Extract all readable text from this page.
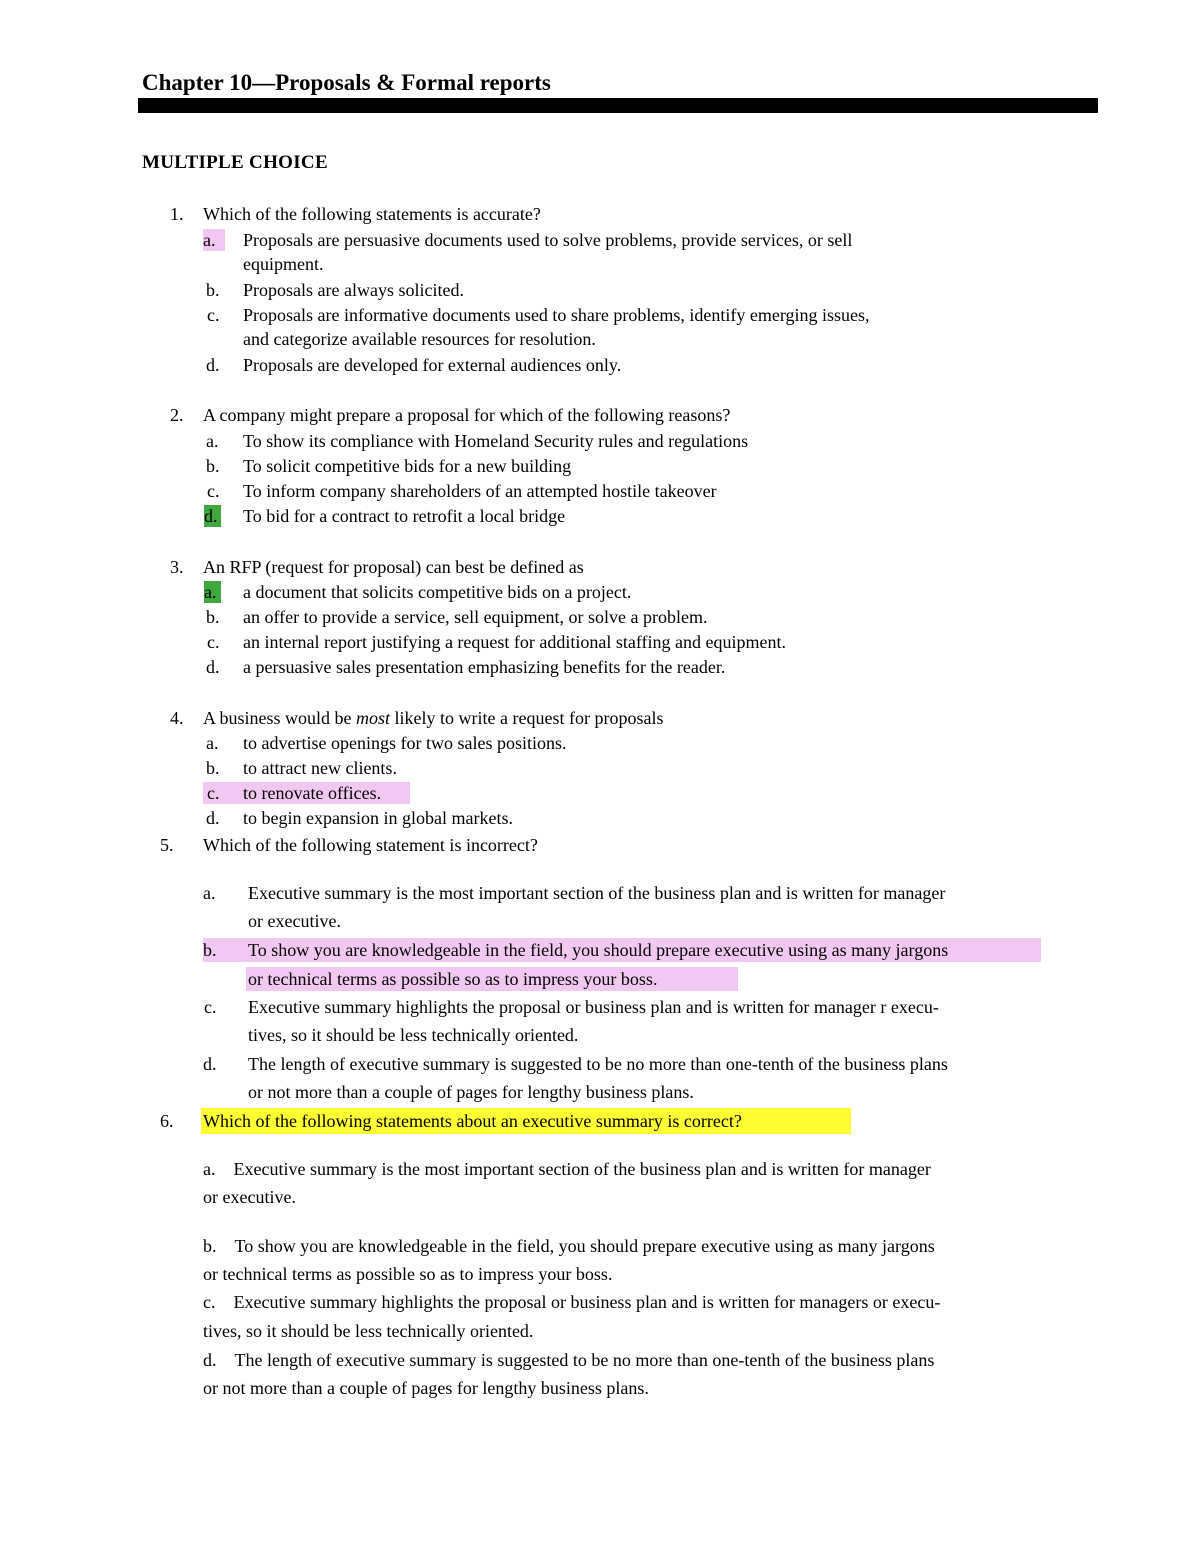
Chapter 10—Proposals & Formal reports
MULTIPLE CHOICE
1. Which of the following statements is accurate?
a.	Proposals are persuasive documents used to solve problems, provide services, or sell
equipment.
b. Proposals are always solicited.
c. Proposals are informative documents used to share problems, identify emerging issues,
and categorize available resources for resolution.
d. Proposals are developed for external audiences only.
2. A company might prepare a proposal for which of the following reasons?
a. To show its compliance with Homeland Security rules and regulations
b. To solicit competitive bids for a new building
c. To inform company shareholders of an attempted hostile takeover
d. To bid for a contract to retrofit a local bridge
3. An RFP (request for proposal) can best be defined as
a. a document that solicits competitive bids on a project.
b. an offer to provide a service, sell equipment, or solve a problem.
c. an internal report justifying a request for additional staffing and equipment.
d. a persuasive sales presentation emphasizing benefits for the reader.
4. A business would be most likely to write a request for proposals
a. to advertise openings for two sales positions.
b. to attract new clients.
c. to renovate offices.
d. to begin expansion in global markets.
5. Which of the following statement is incorrect?
a. Executive summary is the most important section of the business plan and is written for manager
or executive.
b. To show you are knowledgeable in the field, you should prepare executive using as many jargons
or technical terms as possible so as to impress your boss.
c. Executive summary highlights the proposal or business plan and is written for manager r execu-
tives, so it should be less technically oriented.
d. The length of executive summary is suggested to be no more than one-tenth of the business plans
or not more than a couple of pages for lengthy business plans.
6. Which of the following statements about an executive summary is correct?
a. Executive summary is the most important section of the business plan and is written for manager
or executive.
b. To show you are knowledgeable in the field, you should prepare executive using as many jargons
or technical terms as possible so as to impress your boss.
c. Executive summary highlights the proposal or business plan and is written for managers or execu-
tives, so it should be less technically oriented.
d. The length of executive summary is suggested to be no more than one-tenth of the business plans
or not more than a couple of pages for lengthy business plans.
